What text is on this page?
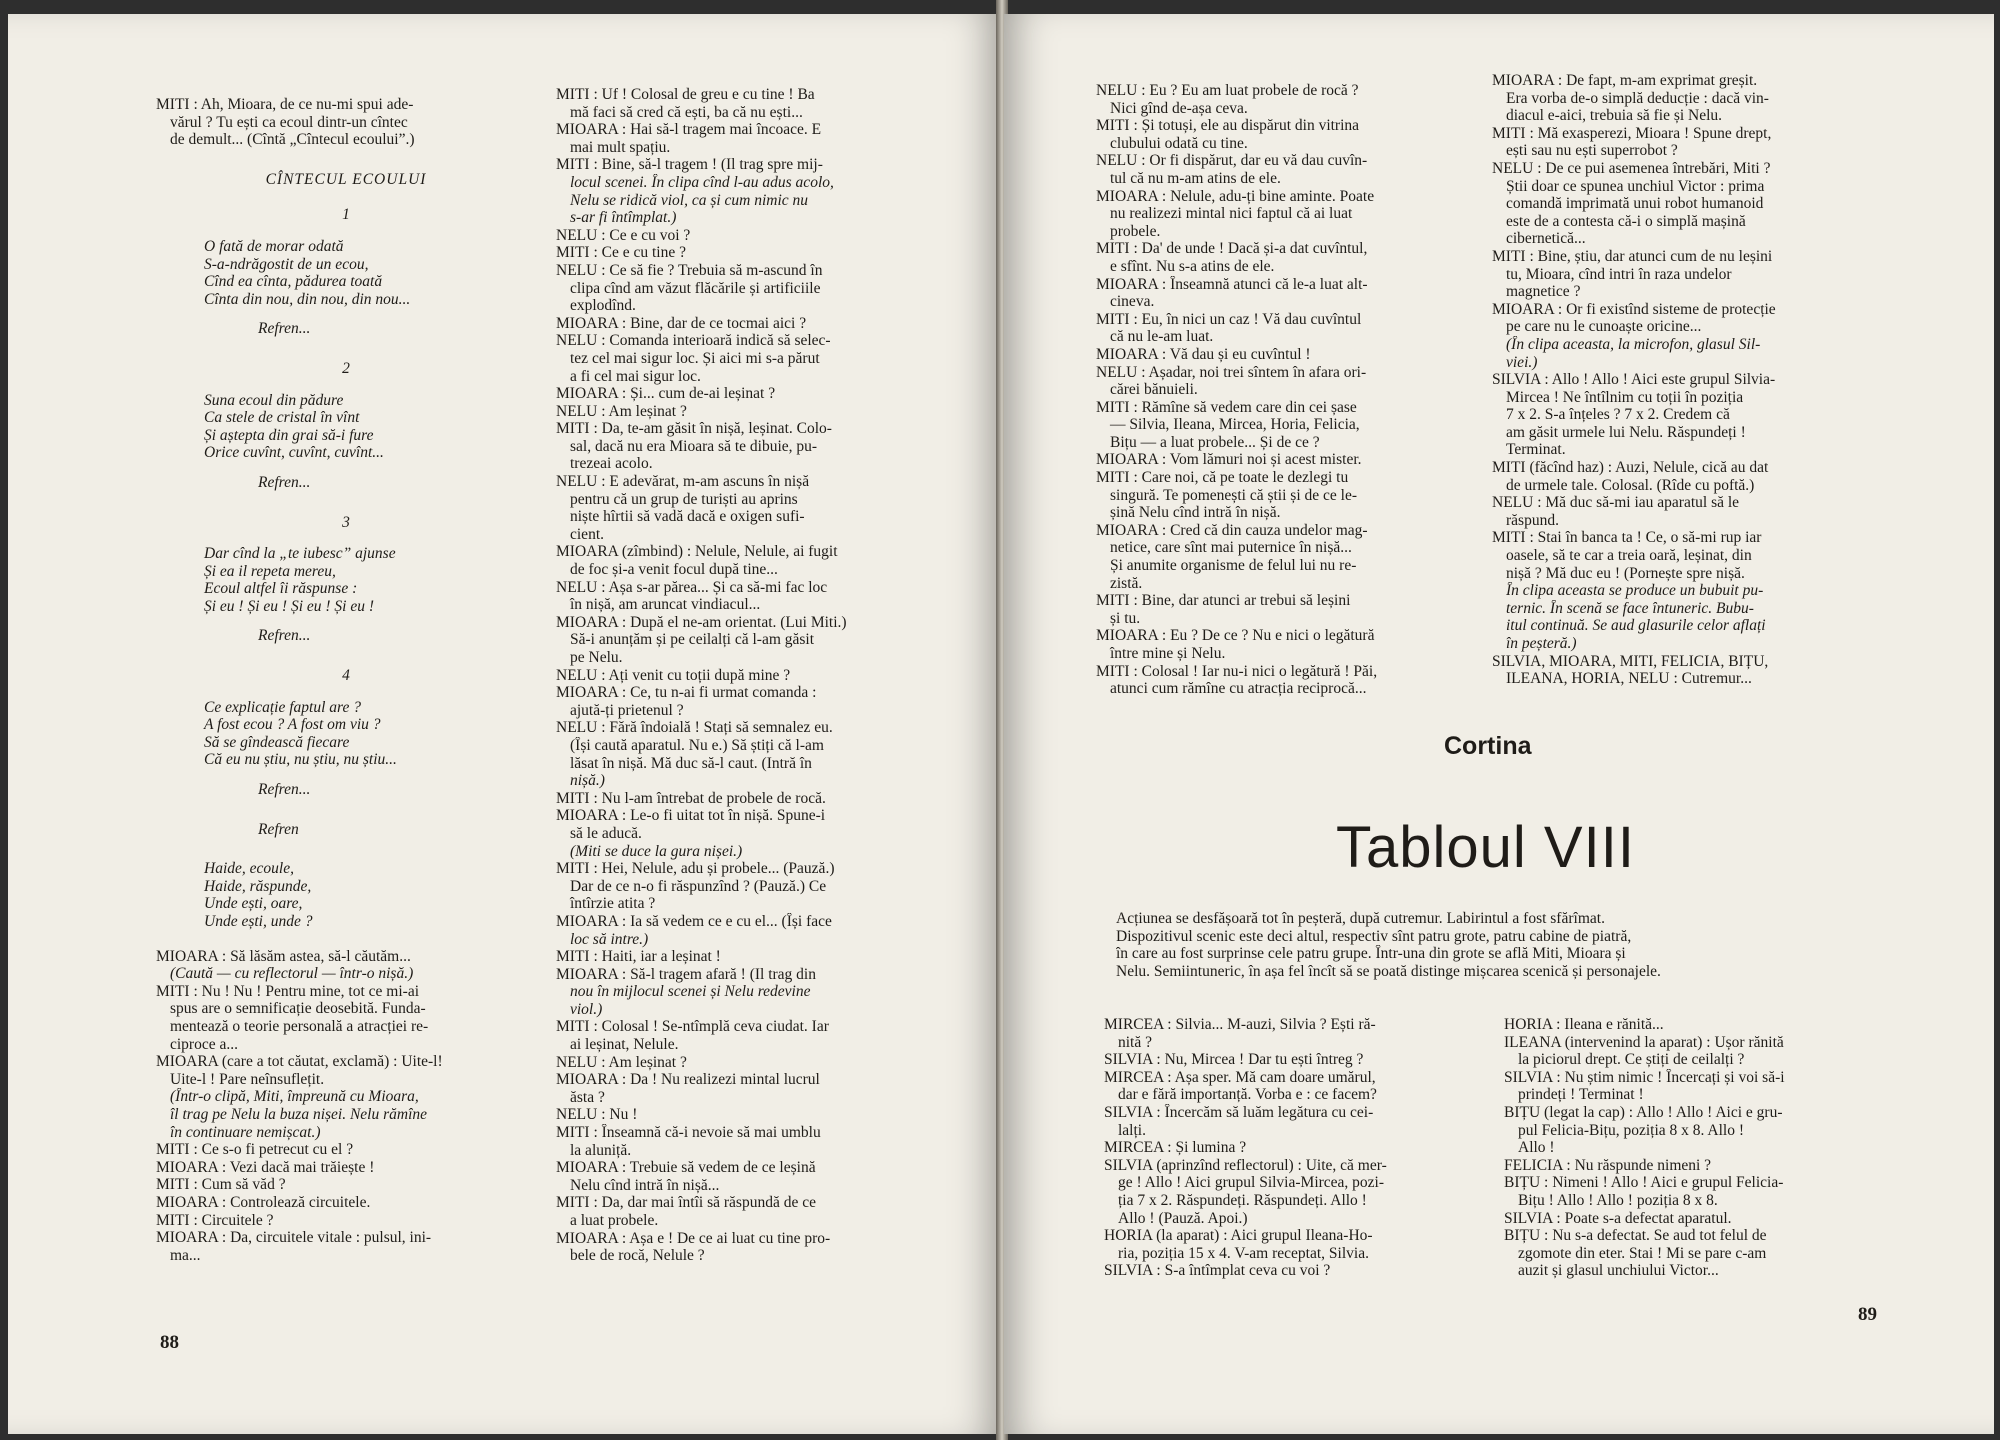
MITI : Ah, Mioara, de ce nu-mi spui ade-
vărul ? Tu ești ca ecoul dintr-un cîntec
de demult... (Cîntă „Cîntecul ecoului”.)
CÎNTECUL ECOULUI
1
O fată de morar odată
S-a-ndrăgostit de un ecou,
Cînd ea cînta, pădurea toată
Cînta din nou, din nou, din nou...
Refren...
2
Suna ecoul din pădure
Ca stele de cristal în vînt
Și aștepta din grai să-i fure
Orice cuvînt, cuvînt, cuvînt...
Refren...
3
Dar cînd la „te iubesc” ajunse
Și ea il repeta mereu,
Ecoul altfel îi răspunse :
Și eu ! Și eu ! Și eu ! Și eu !
Refren...
4
Ce explicație faptul are ?
A fost ecou ? A fost om viu ?
Să se gîndească fiecare
Că eu nu știu, nu știu, nu știu...
Refren...
Refren
Haide, ecoule,
Haide, răspunde,
Unde ești, oare,
Unde ești, unde ?
MIOARA : Să lăsăm astea, să-l căutăm...
(Caută — cu reflectorul — într-o nișă.)
MITI : Nu ! Nu ! Pentru mine, tot ce mi-ai
spus are o semnificație deosebită. Funda-
mentează o teorie personală a atracției re-
ciproce a...
MIOARA (care a tot căutat, exclamă) : Uite-l!
Uite-l ! Pare neînsuflețit.
(Într-o clipă, Miti, împreună cu Mioara,
îl trag pe Nelu la buza nișei. Nelu rămîne
în continuare nemișcat.)
MITI : Ce s-o fi petrecut cu el ?
MIOARA : Vezi dacă mai trăiește !
MITI : Cum să văd ?
MIOARA : Controlează circuitele.
MITI : Circuitele ?
MIOARA : Da, circuitele vitale : pulsul, ini-
ma...
MITI : Uf ! Colosal de greu e cu tine ! Ba
mă faci să cred că ești, ba că nu ești...
MIOARA : Hai să-l tragem mai încoace. E
mai mult spațiu.
MITI : Bine, să-l tragem ! (Il trag spre mij-
locul scenei. În clipa cînd l-au adus acolo,
Nelu se ridică viol, ca și cum nimic nu
s-ar fi întîmplat.)
NELU : Ce e cu voi ?
MITI : Ce e cu tine ?
NELU : Ce să fie ? Trebuia să m-ascund în
clipa cînd am văzut flăcările și artificiile
explodînd.
MIOARA : Bine, dar de ce tocmai aici ?
NELU : Comanda interioară indică să selec-
tez cel mai sigur loc. Și aici mi s-a părut
a fi cel mai sigur loc.
MIOARA : Și... cum de-ai leșinat ?
NELU : Am leșinat ?
MITI : Da, te-am găsit în nișă, leșinat. Colo-
sal, dacă nu era Mioara să te dibuie, pu-
trezeai acolo.
NELU : E adevărat, m-am ascuns în nișă
pentru că un grup de turiști au aprins
niște hîrtii să vadă dacă e oxigen sufi-
cient.
MIOARA (zîmbind) : Nelule, Nelule, ai fugit
de foc și-a venit focul după tine...
NELU : Așa s-ar părea... Și ca să-mi fac loc
în nișă, am aruncat vindiacul...
MIOARA : După el ne-am orientat. (Lui Miti.)
Să-i anunțăm și pe ceilalți că l-am găsit
pe Nelu.
NELU : Ați venit cu toții după mine ?
MIOARA : Ce, tu n-ai fi urmat comanda :
ajută-ți prietenul ?
NELU : Fără îndoială ! Stați să semnalez eu.
(Își caută aparatul. Nu e.) Să știți că l-am
lăsat în nișă. Mă duc să-l caut. (Intră în
nișă.)
MITI : Nu l-am întrebat de probele de rocă.
MIOARA : Le-o fi uitat tot în nișă. Spune-i
să le aducă.
(Miti se duce la gura nișei.)
MITI : Hei, Nelule, adu și probele... (Pauză.)
Dar de ce n-o fi răspunzînd ? (Pauză.) Ce
întîrzie atita ?
MIOARA : Ia să vedem ce e cu el... (Își face
loc să intre.)
MITI : Haiti, iar a leșinat !
MIOARA : Să-l tragem afară ! (Il trag din
nou în mijlocul scenei și Nelu redevine
viol.)
MITI : Colosal ! Se-ntîmplă ceva ciudat. Iar
ai leșinat, Nelule.
NELU : Am leșinat ?
MIOARA : Da ! Nu realizezi mintal lucrul
ăsta ?
NELU : Nu !
MITI : Înseamnă că-i nevoie să mai umblu
la aluniță.
MIOARA : Trebuie să vedem de ce leșină
Nelu cînd intră în nișă...
MITI : Da, dar mai întîi să răspundă de ce
a luat probele.
MIOARA : Așa e ! De ce ai luat cu tine pro-
bele de rocă, Nelule ?
88
NELU : Eu ? Eu am luat probele de rocă ?
Nici gînd de-așa ceva.
MITI : Și totuși, ele au dispărut din vitrina
clubului odată cu tine.
NELU : Or fi dispărut, dar eu vă dau cuvîn-
tul că nu m-am atins de ele.
MIOARA : Nelule, adu-ți bine aminte. Poate
nu realizezi mintal nici faptul că ai luat
probele.
MITI : Da' de unde ! Dacă și-a dat cuvîntul,
e sfînt. Nu s-a atins de ele.
MIOARA : Înseamnă atunci că le-a luat alt-
cineva.
MITI : Eu, în nici un caz ! Vă dau cuvîntul
că nu le-am luat.
MIOARA : Vă dau și eu cuvîntul !
NELU : Așadar, noi trei sîntem în afara ori-
cărei bănuieli.
MITI : Rămîne să vedem care din cei șase
— Silvia, Ileana, Mircea, Horia, Felicia,
Bițu — a luat probele... Și de ce ?
MIOARA : Vom lămuri noi și acest mister.
MITI : Care noi, că pe toate le dezlegi tu
singură. Te pomenești că știi și de ce le-
șină Nelu cînd intră în nișă.
MIOARA : Cred că din cauza undelor mag-
netice, care sînt mai puternice în nișă...
Și anumite organisme de felul lui nu re-
zistă.
MITI : Bine, dar atunci ar trebui să leșini
și tu.
MIOARA : Eu ? De ce ? Nu e nici o legătură
între mine și Nelu.
MITI : Colosal ! Iar nu-i nici o legătură ! Păi,
atunci cum rămîne cu atracția reciprocă...
MIOARA : De fapt, m-am exprimat greșit.
Era vorba de-o simplă deducție : dacă vin-
diacul e-aici, trebuia să fie și Nelu.
MITI : Mă exasperezi, Mioara ! Spune drept,
ești sau nu ești superrobot ?
NELU : De ce pui asemenea întrebări, Miti ?
Știi doar ce spunea unchiul Victor : prima
comandă imprimată unui robot humanoid
este de a contesta că-i o simplă mașină
cibernetică...
MITI : Bine, știu, dar atunci cum de nu leșini
tu, Mioara, cînd intri în raza undelor
magnetice ?
MIOARA : Or fi existînd sisteme de protecție
pe care nu le cunoaște oricine...
(În clipa aceasta, la microfon, glasul Sil-
viei.)
SILVIA : Allo ! Allo ! Aici este grupul Silvia-
Mircea ! Ne întîlnim cu toții în poziția
7 x 2. S-a înțeles ? 7 x 2. Credem că
am găsit urmele lui Nelu. Răspundeți !
Terminat.
MITI (făcînd haz) : Auzi, Nelule, cică au dat
de urmele tale. Colosal. (Rîde cu poftă.)
NELU : Mă duc să-mi iau aparatul să le
răspund.
MITI : Stai în banca ta ! Ce, o să-mi rup iar
oasele, să te car a treia oară, leșinat, din
nișă ? Mă duc eu ! (Pornește spre nișă.
În clipa aceasta se produce un bubuit pu-
ternic. În scenă se face întuneric. Bubu-
itul continuă. Se aud glasurile celor aflați
în peșteră.)
SILVIA, MIOARA, MITI, FELICIA, BIȚU,
ILEANA, HORIA, NELU : Cutremur...
Cortina
Tabloul VIII
Acțiunea se desfășoară tot în peșteră, după cutremur. Labirintul a fost sfărîmat.
Dispozitivul scenic este deci altul, respectiv sînt patru grote, patru cabine de piatră,
în care au fost surprinse cele patru grupe. Într-una din grote se află Miti, Mioara și
Nelu. Semiintuneric, în așa fel încît să se poată distinge mișcarea scenică și personajele.
MIRCEA : Silvia... M-auzi, Silvia ? Ești ră-
nită ?
SILVIA : Nu, Mircea ! Dar tu ești întreg ?
MIRCEA : Așa sper. Mă cam doare umărul,
dar e fără importanță. Vorba e : ce facem?
SILVIA : Încercăm să luăm legătura cu cei-
lalți.
MIRCEA : Și lumina ?
SILVIA (aprinzînd reflectorul) : Uite, că mer-
ge ! Allo ! Aici grupul Silvia-Mircea, pozi-
ția 7 x 2. Răspundeți. Răspundeți. Allo !
Allo ! (Pauză. Apoi.)
HORIA (la aparat) : Aici grupul Ileana-Ho-
ria, poziția 15 x 4. V-am receptat, Silvia.
SILVIA : S-a întîmplat ceva cu voi ?
HORIA : Ileana e rănită...
ILEANA (intervenind la aparat) : Ușor rănită
la piciorul drept. Ce știți de ceilalți ?
SILVIA : Nu știm nimic ! Încercați și voi să-i
prindeți ! Terminat !
BIȚU (legat la cap) : Allo ! Allo ! Aici e gru-
pul Felicia-Bițu, poziția 8 x 8. Allo !
Allo !
FELICIA : Nu răspunde nimeni ?
BIȚU : Nimeni ! Allo ! Aici e grupul Felicia-
Bițu ! Allo ! Allo ! poziția 8 x 8.
SILVIA : Poate s-a defectat aparatul.
BIȚU : Nu s-a defectat. Se aud tot felul de
zgomote din eter. Stai ! Mi se pare c-am
auzit și glasul unchiului Victor...
89
